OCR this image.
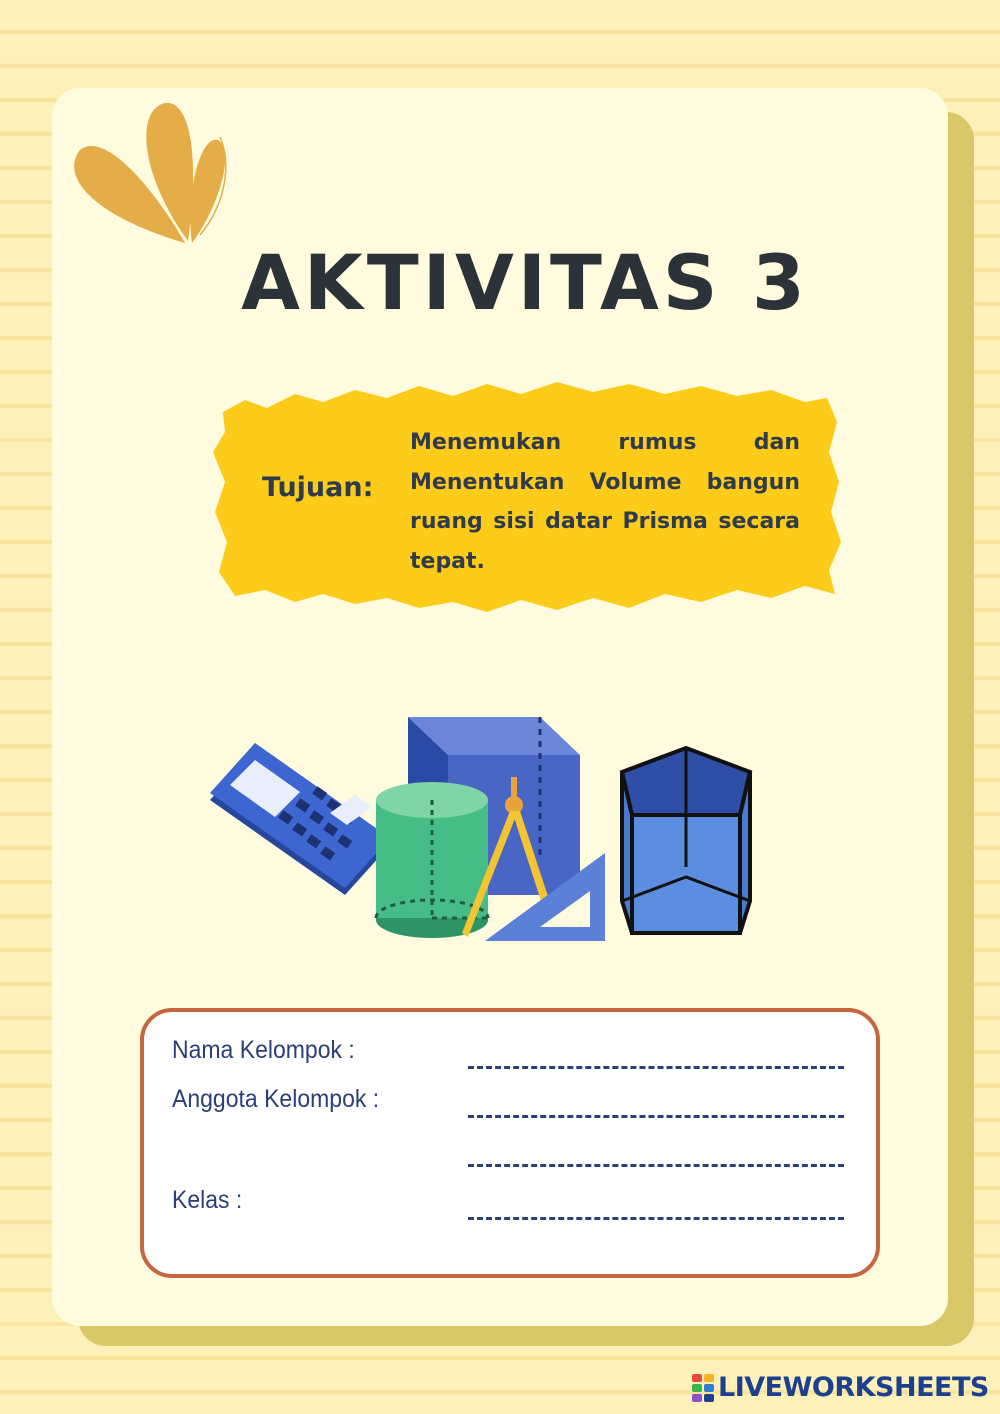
AKTIVITAS 3
Tujuan:
Menemukan rumus dan Menentukan Volume bangun ruang sisi datar Prisma secara tepat.
Nama Kelompok :
Anggota Kelompok :
Kelas :
LIVEWORKSHEETS
